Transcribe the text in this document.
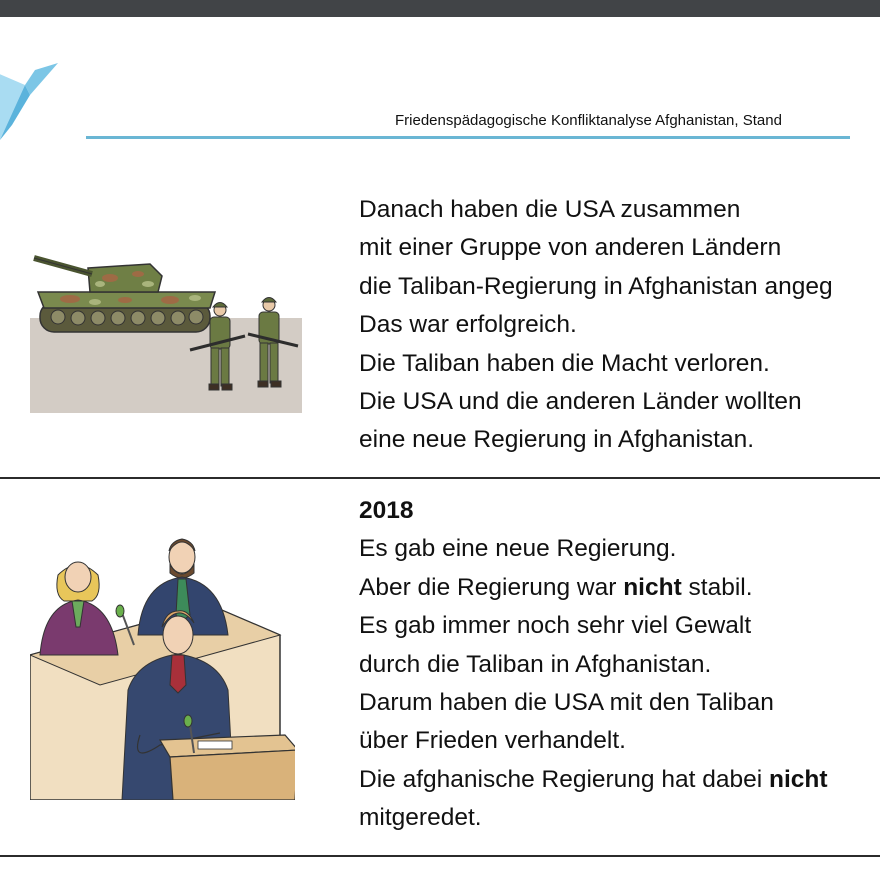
Friedenspädagogische Konfliktanalyse Afghanistan, Stand
Danach haben die USA zusammen
mit einer Gruppe von anderen Ländern
die Taliban-Regierung in Afghanistan angeg
Das war erfolgreich.
Die Taliban haben die Macht verloren.
Die USA und die anderen Länder wollten
eine neue Regierung in Afghanistan.
2018
Es gab eine neue Regierung.
Aber die Regierung war nicht stabil.
Es gab immer noch sehr viel Gewalt
durch die Taliban in Afghanistan.
Darum haben die USA mit den Taliban
über Frieden verhandelt.
Die afghanische Regierung hat dabei nicht
mitgeredet.
